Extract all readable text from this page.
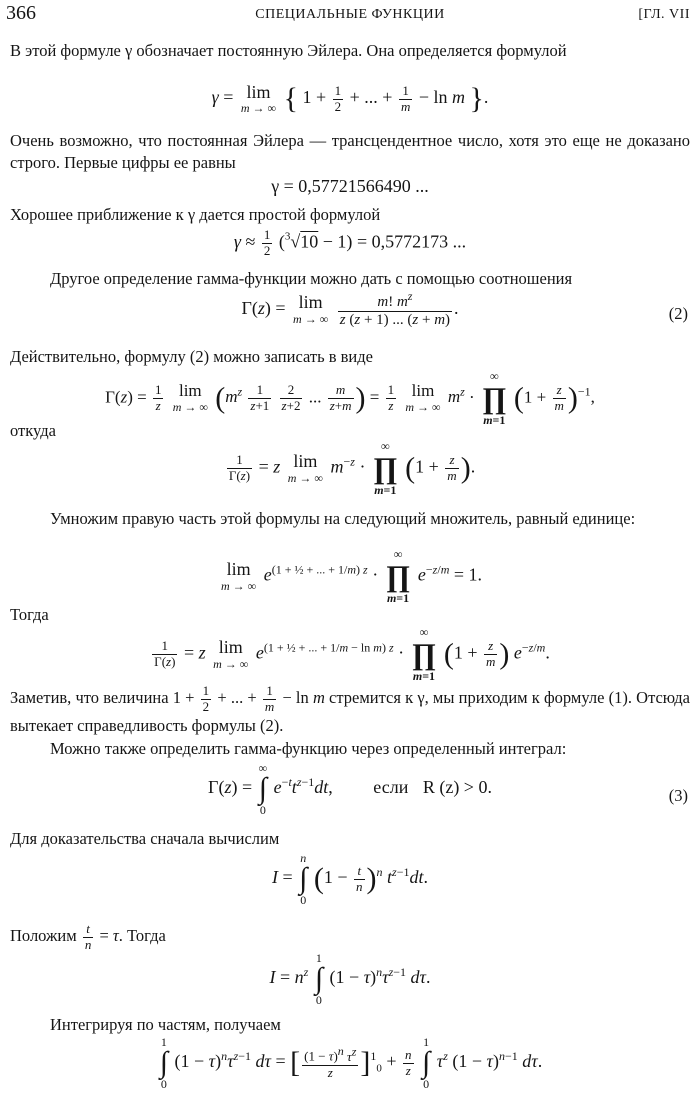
366	СПЕЦИАЛЬНЫЕ ФУНКЦИИ	[ГЛ. VII
В этой формуле γ обозначает постоянную Эйлера. Она определяется формулой
γ = lim
m → ∞ { $1 + \frac{1}{2}$ + ... + $\frac{1}{m} - \ln m$ }.
Очень возможно, что постоянная Эйлера — трансцендентное число, хотя это еще не доказано строго. Первые цифры ее равны
γ = 0,57721566490 ...
Хорошее приближение к γ дается простой формулой
$\gamma \approx \frac{1}{2} (^3√10 - 1) = 0,5772173$ ...
Другое определение гамма-функции можно дать с помощью соотношения
Γ(z) = lim
m → ∞
$\frac{m! m^z}{z (z + 1) ... (z + m)}$ .	(2)
Действительно, формулу (2) можно записать в виде
$\Gamma(z) = \frac{1}{z}$
lim
m → ∞ ($m^z \frac{1}{z+1}$
$\frac{2}{z+2}$ ... $\frac{m}{z+m}$ ) = $\frac{1}{z}$
lim
m → ∞
$m^z$ ·
∞
∏
m=1
$(1 + \frac{z}{m} )^{-1}$,
откуда
$\frac{1}{\Gamma(z)} = z$ lim
m → ∞
$m^{-z}$ ·
∞
∏
m=1
($1 + \frac{z}{m}$ ).
Умножим правую часть этой формулы на следующий множитель, равный единице:
lim
m → ∞
$e^{(1 + \frac{1}{2} + ... + 1/m) z}$ ·
∞
∏
m=1
$e^{-z/m} = 1$.
Тогда
$\frac{1}{\Gamma(z)} = z$ lim
m → ∞
$e^{(1 + \frac{1}{2} + ... + 1/m - ln m) z}$ ·
∞
∏
m=1
($1 + \frac{z}{m}$ ) $e^{-z/m}$.
Заметив, что величина $1 + \frac{1}{2}$ + ... + $\frac{1}{m} - \ln m$ стремится к γ, мы приходим к формуле (1). Отсюда вытекает справедливость формулы (2).
Можно также определить гамма-функцию через определенный интеграл:
Γ(z) =
∞
∫
0
$e^{-t}t^{z-1}dt$, если R (z) > 0.	(3)
Для доказательства сначала вычислим
I =
n
∫
0
$(1 - \frac{t}{n} )^n$ $t^{z-1}dt$.
Положим $\frac{t}{n} = \tau$. Тогда
$I = n^z$
1
∫
0
$(1 - \tau)^n\tau^{z-1}$ dτ.
Интегрируя по частям, получаем
1
∫
0
$(1 - \tau)^n\tau^{z-1}$ dτ = [ $\frac{(1 - \tau)^n \tau^z}{z} ]^1_0 + \frac{n}{z}$

1
∫
0
$\tau^z$ $(1 - \tau)^{n-1}$ dτ.
